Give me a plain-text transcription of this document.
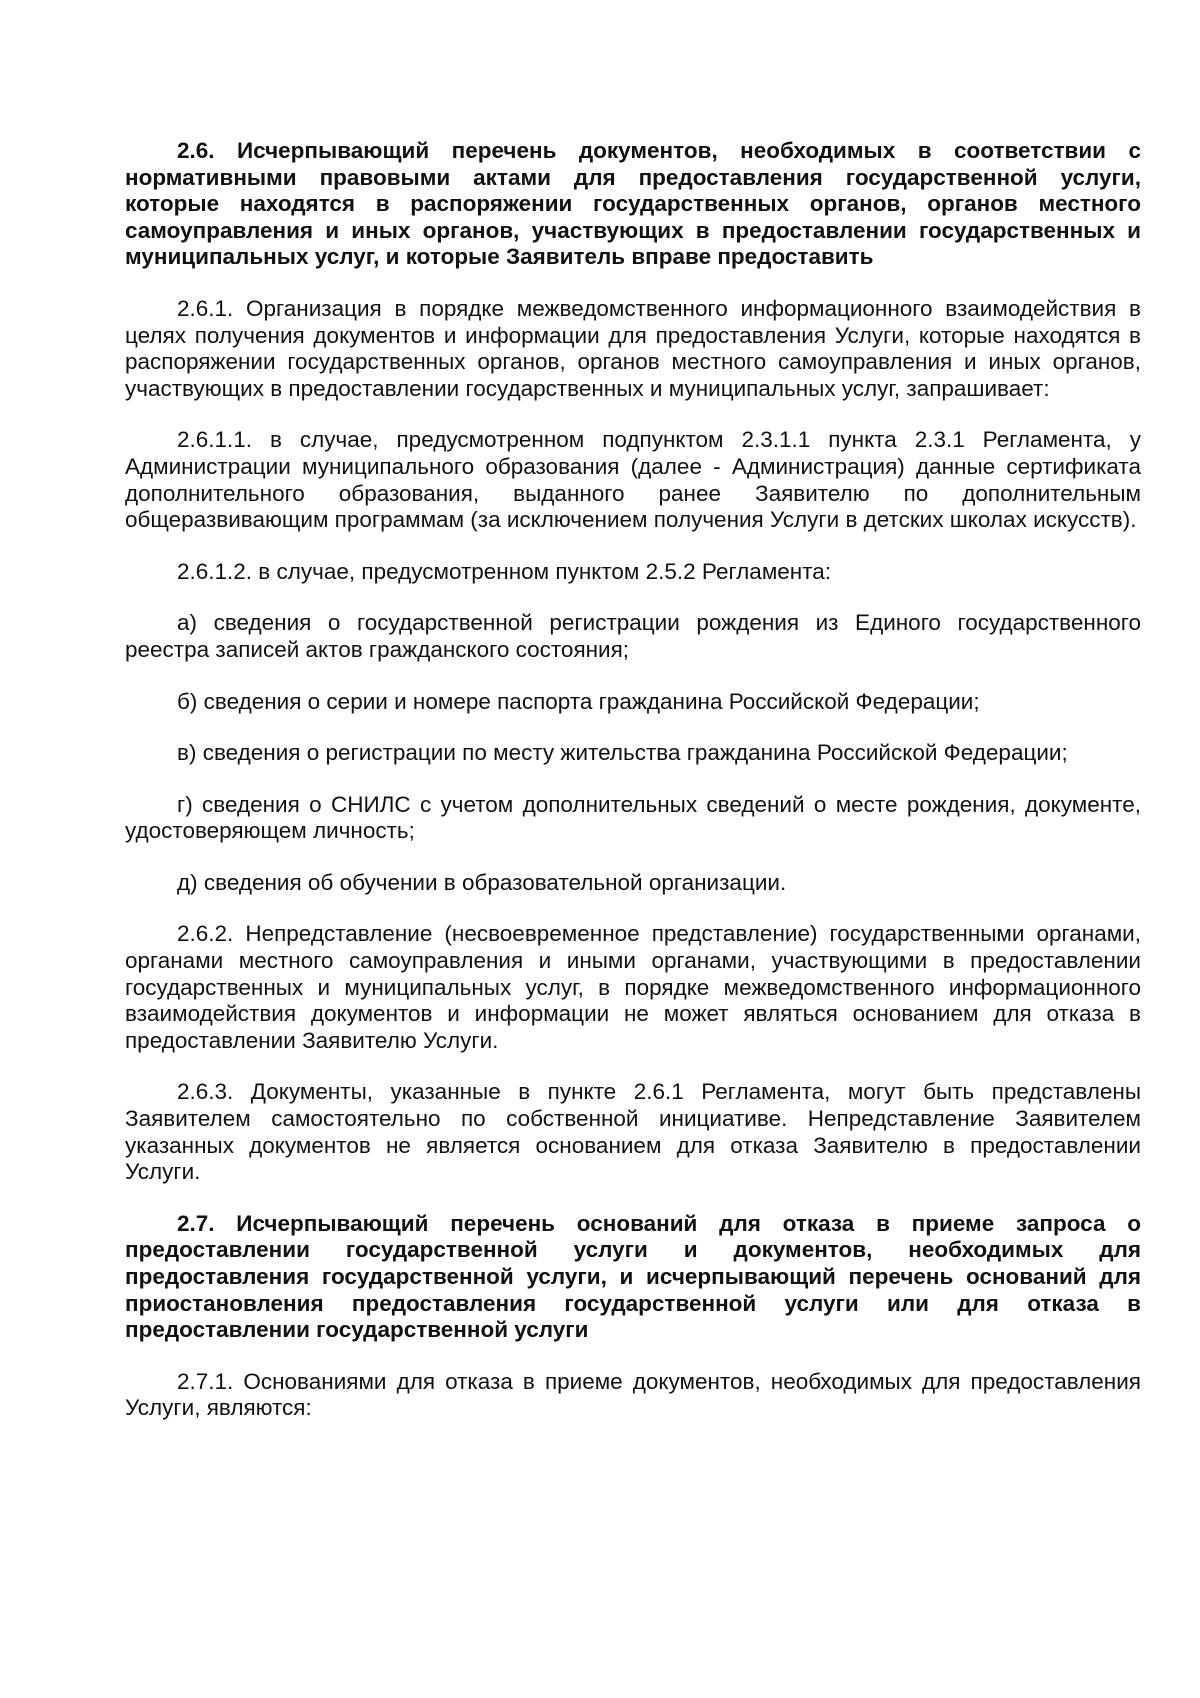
2.6. Исчерпывающий перечень документов, необходимых в соответствии с нормативными правовыми актами для предоставления государственной услуги, которые находятся в распоряжении государственных органов, органов местного самоуправления и иных органов, участвующих в предоставлении государственных и муниципальных услуг, и которые Заявитель вправе предоставить

2.6.1. Организация в порядке межведомственного информационного взаимодействия в целях получения документов и информации для предоставления Услуги, которые находятся в распоряжении государственных органов, органов местного самоуправления и иных органов, участвующих в предоставлении государственных и муниципальных услуг, запрашивает:

2.6.1.1. в случае, предусмотренном подпунктом 2.3.1.1 пункта 2.3.1 Регламента, у Администрации муниципального образования (далее - Администрация) данные сертификата дополнительного образования, выданного ранее Заявителю по дополнительным общеразвивающим программам (за исключением получения Услуги в детских школах искусств).

2.6.1.2. в случае, предусмотренном пунктом 2.5.2 Регламента:

а) сведения о государственной регистрации рождения из Единого государственного реестра записей актов гражданского состояния;

б) сведения о серии и номере паспорта гражданина Российской Федерации;

в) сведения о регистрации по месту жительства гражданина Российской Федерации;

г) сведения о СНИЛС с учетом дополнительных сведений о месте рождения, документе, удостоверяющем личность;

д) сведения об обучении в образовательной организации.

2.6.2. Непредставление (несвоевременное представление) государственными органами, органами местного самоуправления и иными органами, участвующими в предоставлении государственных и муниципальных услуг, в порядке межведомственного информационного взаимодействия документов и информации не может являться основанием для отказа в предоставлении Заявителю Услуги.

2.6.3. Документы, указанные в пункте 2.6.1 Регламента, могут быть представлены Заявителем самостоятельно по собственной инициативе. Непредставление Заявителем указанных документов не является основанием для отказа Заявителю в предоставлении Услуги.

2.7. Исчерпывающий перечень оснований для отказа в приеме запроса о предоставлении государственной услуги и документов, необходимых для предоставления государственной услуги, и исчерпывающий перечень оснований для приостановления предоставления государственной услуги или для отказа в предоставлении государственной услуги

2.7.1. Основаниями для отказа в приеме документов, необходимых для предоставления Услуги, являются:
